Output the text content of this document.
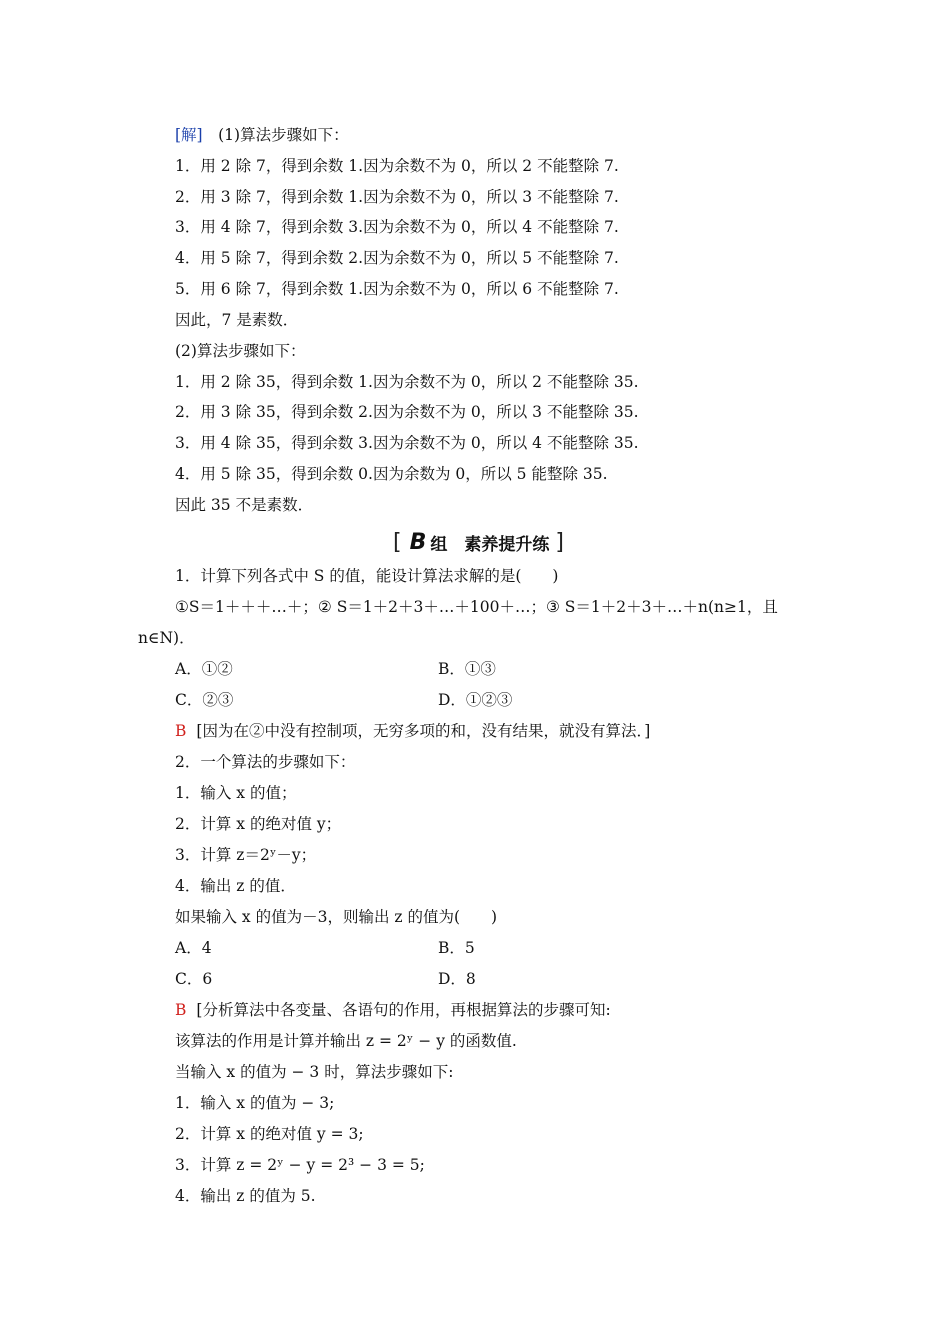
[解]　 (1)算法步骤如下：
1．用 2 除 7，得到余数 1.因为余数不为 0，所以 2 不能整除 7.
2．用 3 除 7，得到余数 1.因为余数不为 0，所以 3 不能整除 7.
3．用 4 除 7，得到余数 3.因为余数不为 0，所以 4 不能整除 7.
4．用 5 除 7，得到余数 2.因为余数不为 0，所以 5 不能整除 7.
5．用 6 除 7，得到余数 1.因为余数不为 0，所以 6 不能整除 7.
因此，7 是素数．
(2)算法步骤如下：
1．用 2 除 35，得到余数 1.因为余数不为 0，所以 2 不能整除 35.
2．用 3 除 35，得到余数 2.因为余数不为 0，所以 3 不能整除 35.
3．用 4 除 35，得到余数 3.因为余数不为 0，所以 4 不能整除 35.
4．用 5 除 35，得到余数 0.因为余数为 0，所以 5 能整除 35.
因此 35 不是素数．
[ B 组　素养提升练 ]
1．计算下列各式中 S 的值，能设计算法求解的是(　　)
①S＝1＋＋＋…＋；② S＝1＋2＋3＋…＋100＋…；③ S＝1＋2＋3＋…＋n(n≥1，且
n∈N)．
A．①②	B．①③
C．②③	D．①②③
B [因为在②中没有控制项，无穷多项的和，没有结果，就没有算法．]
2．一个算法的步骤如下：
1．输入 x 的值；
2．计算 x 的绝对值 y；
3．计算 z＝2ʸ－y；
4．输出 z 的值．
如果输入 x 的值为－3，则输出 z 的值为(　　)
A．4	B．5
C．6	D．8
B [分析算法中各变量、各语句的作用，再根据算法的步骤可知:
该算法的作用是计算并输出 z = 2ʸ − y 的函数值.
当输入 x 的值为 − 3 时，算法步骤如下:
1．输入 x 的值为 − 3;
2．计算 x 的绝对值 y = 3;
3．计算 z = 2ʸ − y = 2³ − 3 = 5;
4．输出 z 的值为 5.
